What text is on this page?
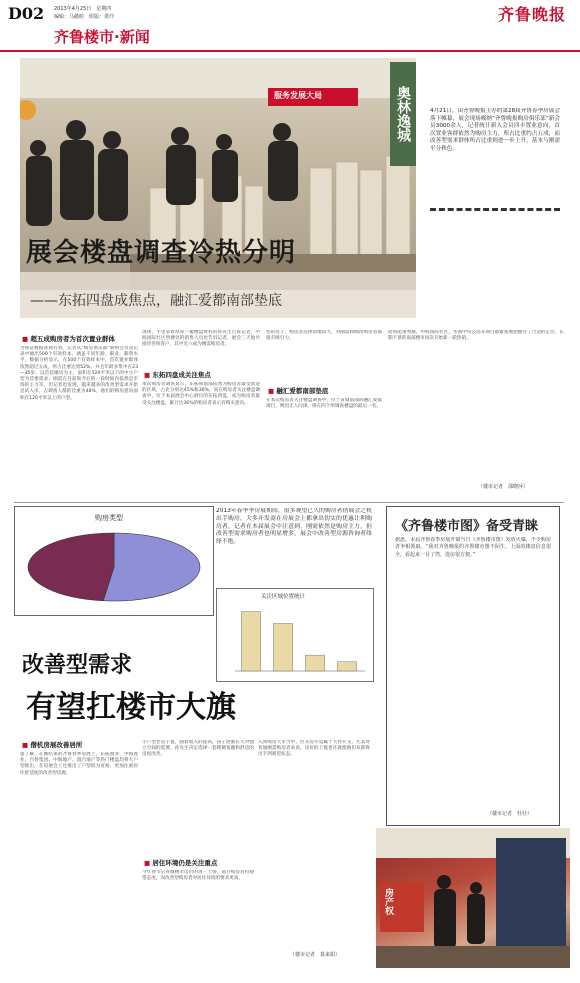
D02 2013年4月25日　星期四
编辑：马懿暄　组版：委玲	齐鲁晚报
齐鲁楼市·新闻
服务发展大局	奥林逸城	4月21日，由齐鲁晚报主办的第28届齐鲁春季房展会落下帷幕，展会现场吸纳“齐鲁晚报购房俱乐部”新会员3000余人，记者统计新入会员四丰置业意向，首次置业客群依然为购房主力，所占比重约占五成，而改善型需求群体所占比重则进一步上升，基本与刚需平分秋色。
展会楼盘调查冷热分明
——东拓四盘成焦点，融汇爱都南部垫底
■ 超五成购房者为首次置业群体
为保证数据客观有效，记者从“购房俱乐部”新纳会员登记表中抽出500个有效样本，涵盖不同年龄、职业、薪资水平，数据分析显示，在500个有效样本中，首次置业群体依然超过五成，所占比重达到52%，并且年龄多集中在23—35岁，以首套婚房为主，面积在120平米以下的中小户型为首要需求；刚需在目前和今后的一段时间内依然是市场的主力军，但记者也发现，越来越多的改善型需求开始尝试入市，占调查人群的比重为48%，他们的购房意向面积在120平米以上的户型。
现场，手里拿着厚厚一摞楼盘资料的孙先生告诉记者，中海国际社区售楼处的销售人员也告诉记者，展会三天他共接待咨询客户，其中近六成为刚需购房者。
■ 东拓四盘成关注焦点
本次购房者调查显示，东拓和南部依然为购房者最受欢迎的区域，占比分别达45%和36%，而在购房者关注楼盘调查中，位于本届展会中心展位的东拓四盘，成为购房者最受关注楼盘，累计达36%的购房者表示有购买意向。
型的房子，购房者选择余地较大，对刚需和刚改购房者都很有吸引力。
■ 融汇爱都南部垫底
在本次购房者关注楼盘调查中，位于省城南部的融汇爱都项目，则因无人问津，排在四个所调查楼盘的最后一名。
而鲁能领秀城、中海国际社区，华润中央公园等项目都紧张地把握住了合适的定位，长期不景的南部楼市再次开始新一轮热销。
（楼市记者　邵晓萍）
购房类型
2013年春季季房展期间，很多观望已久的购房者借展会之机出手购房，大多开发商在房展会上都拿出切实的优惠让利购房者，记者在本届展会中注意到，刚需依然是购房主力，但改善型需求购房者也明显增多，展会中改善型房源咨询者络绎不绝。
关注区域位置统计
改善型需求
有望扛楼市大旗
■ 僧机房展改善居所
提了解，在刚结束的齐鲁春季房展上，东拓置业、中海置业、百替集团、中海地产、置汽地产等热门楼盘均将大户型推出，在房展会上还推出了户型较为宽裕，更加注重居住舒适度的改善型房源。
小户型老房子置，随着收入的提高，孩子逐渐长大对独立空间的需要，孙先生决定选择一套稍微宽敞和舒适的房屋改善。
■ 居住环境仍是关注重点
今年春节后省城楼市房价的再一上扬，部分购房者持观望态度，而改善型购房者对居住环境的要求更高。
入到购房大军当中，但买房毕竟属于大件开支，尤其对普通刚需购房者来说，房价的上涨也许就使他们从即将出手到观望状态。
（楼市记者　葛来娟）
《齐鲁楼市图》备受青睐
据悉，本届齐鲁春季房展开幕当日《齐鲁楼市图》发放火爆，不少购房者争相领取。“我对齐鲁晚报的齐鲁楼市图不陌生，上面的楼盘信息很全，看起来一目了然，选房很方便。”
（楼市记者　杜壮）
房产权
